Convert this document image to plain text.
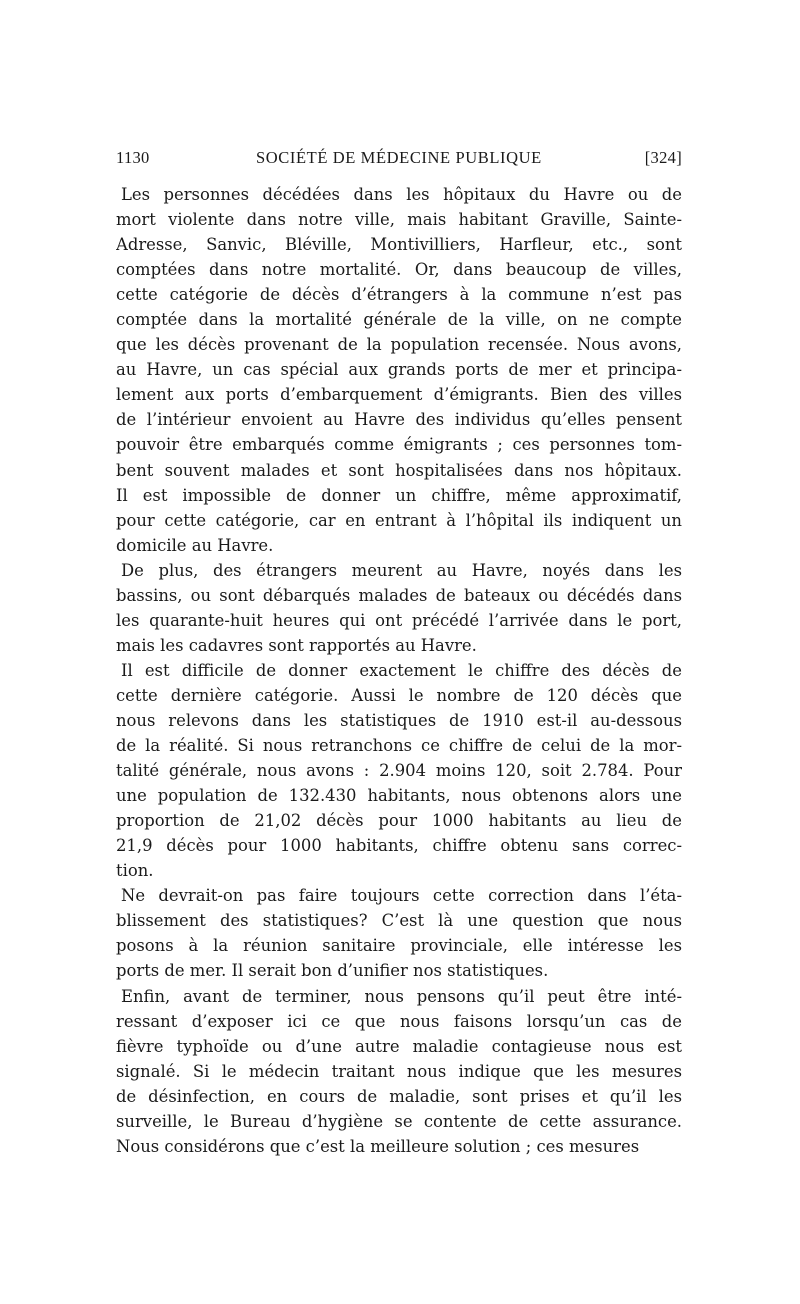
1130	SOCIÉTÉ DE MÉDECINE PUBLIQUE	[324]

Les personnes décédées dans les hôpitaux du Havre ou de
mort violente dans notre ville, mais habitant Graville, Sainte-
Adresse, Sanvic, Bléville, Montivilliers, Harfleur, etc., sont
comptées dans notre mortalité. Or, dans beaucoup de villes,
cette catégorie de décès d’étrangers à la commune n’est pas
comptée dans la mortalité générale de la ville, on ne compte
que les décès provenant de la population recensée. Nous avons,
au Havre, un cas spécial aux grands ports de mer et principa-
lement aux ports d’embarquement d’émigrants. Bien des villes
de l’intérieur envoient au Havre des individus qu’elles pensent
pouvoir être embarqués comme émigrants ; ces personnes tom-
bent souvent malades et sont hospitalisées dans nos hôpitaux.
Il est impossible de donner un chiffre, même approximatif,
pour cette catégorie, car en entrant à l’hôpital ils indiquent un
domicile au Havre.

De plus, des étrangers meurent au Havre, noyés dans les
bassins, ou sont débarqués malades de bateaux ou décédés dans
les quarante-huit heures qui ont précédé l’arrivée dans le port,
mais les cadavres sont rapportés au Havre.

Il est difficile de donner exactement le chiffre des décès de
cette dernière catégorie. Aussi le nombre de 120 décès que
nous relevons dans les statistiques de 1910 est-il au-dessous
de la réalité. Si nous retranchons ce chiffre de celui de la mor-
talité générale, nous avons : 2.904 moins 120, soit 2.784. Pour
une population de 132.430 habitants, nous obtenons alors une
proportion de 21,02 décès pour 1000 habitants au lieu de
21,9 décès pour 1000 habitants, chiffre obtenu sans correc-
tion.

Ne devrait-on pas faire toujours cette correction dans l’éta-
blissement des statistiques? C’est là une question que nous
posons à la réunion sanitaire provinciale, elle intéresse les
ports de mer. Il serait bon d’unifier nos statistiques.

Enfin, avant de terminer, nous pensons qu’il peut être inté-
ressant d’exposer ici ce que nous faisons lorsqu’un cas de
fièvre typhoïde ou d’une autre maladie contagieuse nous est
signalé. Si le médecin traitant nous indique que les mesures
de désinfection, en cours de maladie, sont prises et qu’il les
surveille, le Bureau d’hygiène se contente de cette assurance.
Nous considérons que c’est la meilleure solution ; ces mesures
